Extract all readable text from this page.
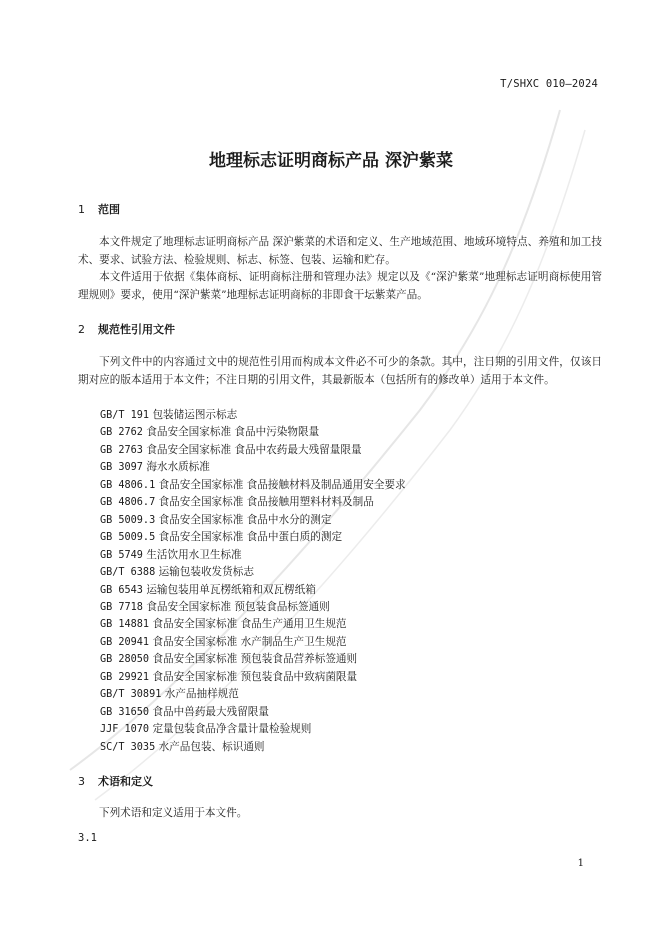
T/SHXC 010—2024
地理标志证明商标产品 深沪紫菜
1 范围
本文件规定了地理标志证明商标产品 深沪紫菜的术语和定义、生产地域范围、地域环境特点、养殖和加工技术、要求、试验方法、检验规则、标志、标签、包装、运输和贮存。
本文件适用于依据《集体商标、证明商标注册和管理办法》规定以及《“深沪紫菜”地理标志证明商标使用管理规则》要求，使用“深沪紫菜”地理标志证明商标的非即食干坛紫菜产品。
2 规范性引用文件
下列文件中的内容通过文中的规范性引用而构成本文件必不可少的条款。其中，注日期的引用文件，仅该日期对应的版本适用于本文件；不注日期的引用文件，其最新版本（包括所有的修改单）适用于本文件。
GB/T 191 包装储运图示标志
GB 2762 食品安全国家标准 食品中污染物限量
GB 2763 食品安全国家标准 食品中农药最大残留量限量
GB 3097 海水水质标准
GB 4806.1 食品安全国家标准 食品接触材料及制品通用安全要求
GB 4806.7 食品安全国家标准 食品接触用塑料材料及制品
GB 5009.3 食品安全国家标准 食品中水分的测定
GB 5009.5 食品安全国家标准 食品中蛋白质的测定
GB 5749 生活饮用水卫生标准
GB/T 6388 运输包装收发货标志
GB 6543 运输包装用单瓦楞纸箱和双瓦楞纸箱
GB 7718 食品安全国家标准 预包装食品标签通则
GB 14881 食品安全国家标准 食品生产通用卫生规范
GB 20941 食品安全国家标准 水产制品生产卫生规范
GB 28050 食品安全国家标准 预包装食品营养标签通则
GB 29921 食品安全国家标准 预包装食品中致病菌限量
GB/T 30891 水产品抽样规范
GB 31650 食品中兽药最大残留限量
JJF 1070 定量包装食品净含量计量检验规则
SC/T 3035 水产品包装、标识通则
3 术语和定义
下列术语和定义适用于本文件。
3.1
1
